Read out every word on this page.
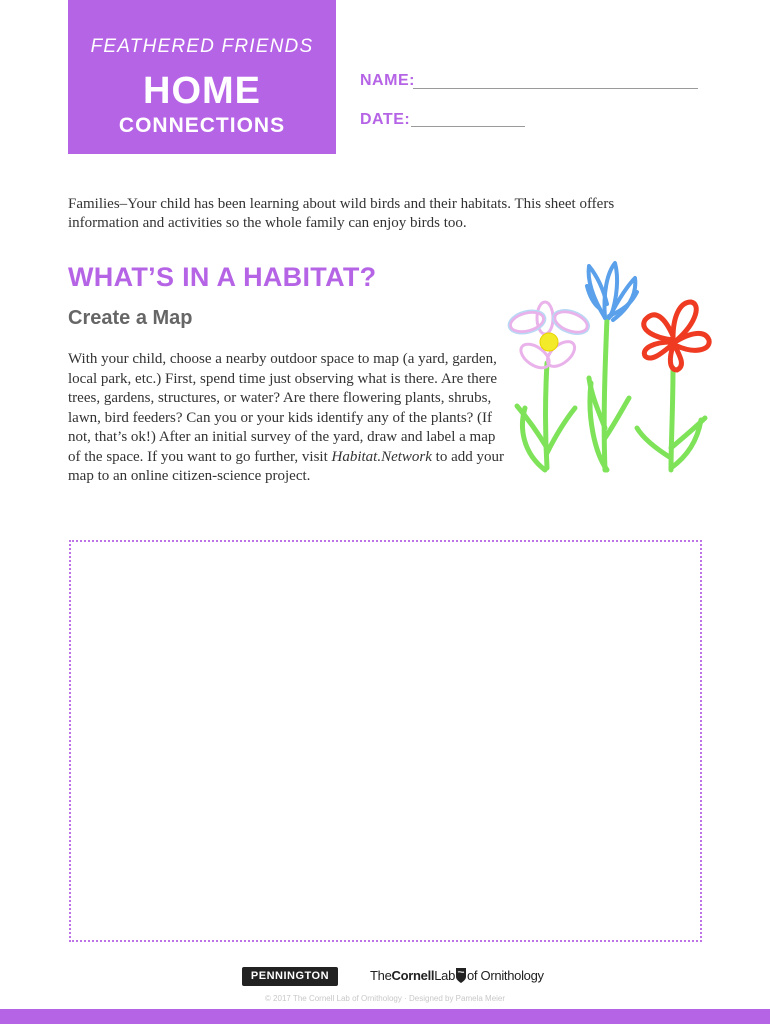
FEATHERED FRIENDS
HOME
CONNECTIONS
NAME:
DATE:

Families–Your child has been learning about wild birds and their habitats. This sheet offers information and activities so the whole family can enjoy birds too.

WHAT’S IN A HABITAT?
Create a Map

With your child, choose a nearby outdoor space to map (a yard, garden, local park, etc.) First, spend time just observing what is there. Are there trees, gardens, structures, or water? Are there flowering plants, shrubs, lawn, bird feeders? Can you or your kids identify any of the plants? (If not, that’s ok!) After an initial survey of the yard, draw and label a map of the space. If you want to go further, visit Habitat.Network to add your map to an online citizen-science project.

PENNINGTON	TheCornellLab of Ornithology
© 2017 The Cornell Lab of Ornithology · Designed by Pamela Meier
